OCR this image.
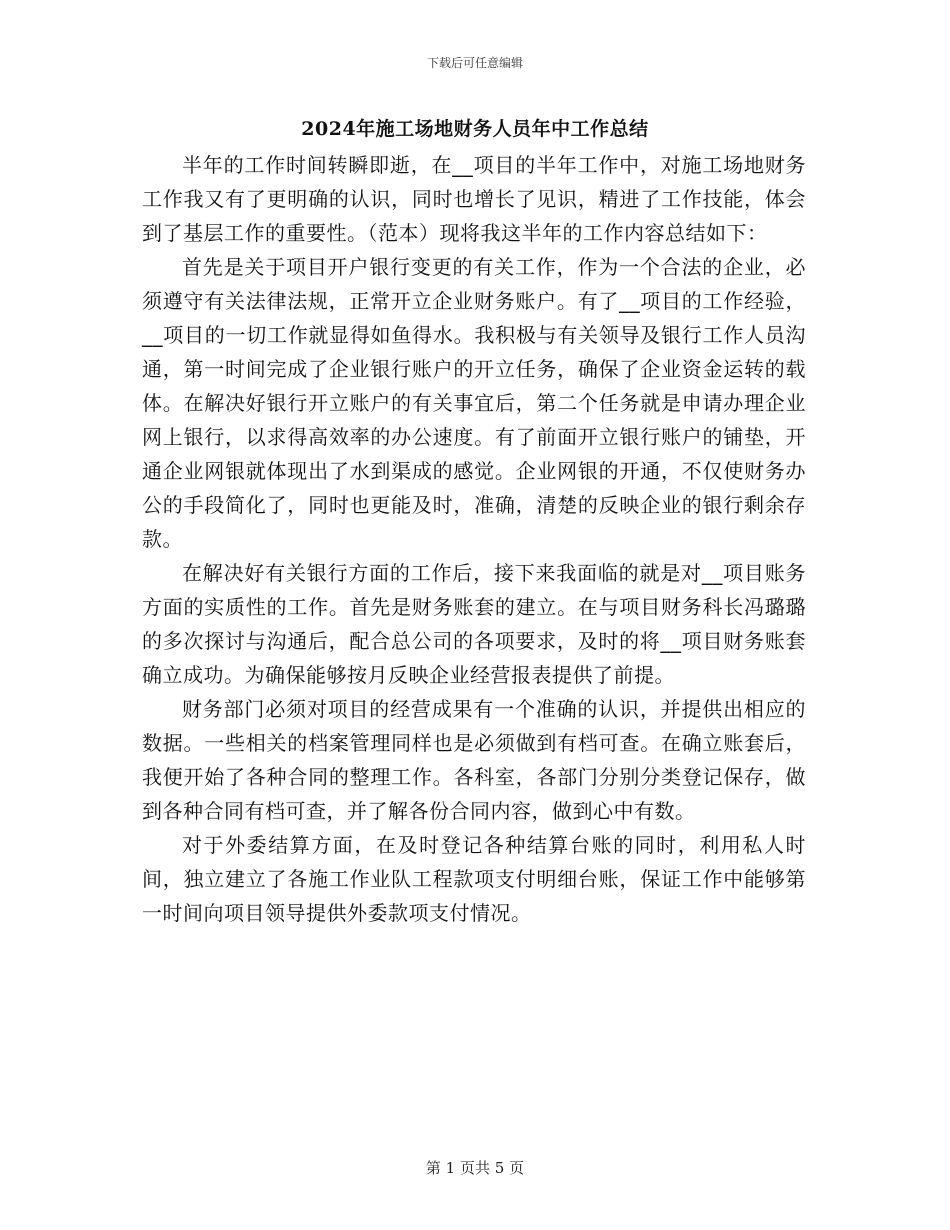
下载后可任意编辑
2024年施工场地财务人员年中工作总结

半年的工作时间转瞬即逝，在__项目的半年工作中，对施工场地财务工作我又有了更明确的认识，同时也增长了见识，精进了工作技能，体会到了基层工作的重要性。（范本）现将我这半年的工作内容总结如下：

首先是关于项目开户银行变更的有关工作，作为一个合法的企业，必须遵守有关法律法规，正常开立企业财务账户。有了__项目的工作经验，__项目的一切工作就显得如鱼得水。我积极与有关领导及银行工作人员沟通，第一时间完成了企业银行账户的开立任务，确保了企业资金运转的载体。在解决好银行开立账户的有关事宜后，第二个任务就是申请办理企业网上银行，以求得高效率的办公速度。有了前面开立银行账户的铺垫，开通企业网银就体现出了水到渠成的感觉。企业网银的开通，不仅使财务办公的手段简化了，同时也更能及时，准确，清楚的反映企业的银行剩余存款。

在解决好有关银行方面的工作后，接下来我面临的就是对__项目账务方面的实质性的工作。首先是财务账套的建立。在与项目财务科长冯璐璐的多次探讨与沟通后，配合总公司的各项要求，及时的将__项目财务账套确立成功。为确保能够按月反映企业经营报表提供了前提。

财务部门必须对项目的经营成果有一个准确的认识，并提供出相应的数据。一些相关的档案管理同样也是必须做到有档可查。在确立账套后，我便开始了各种合同的整理工作。各科室，各部门分别分类登记保存，做到各种合同有档可查，并了解各份合同内容，做到心中有数。

对于外委结算方面，在及时登记各种结算台账的同时，利用私人时间，独立建立了各施工作业队工程款项支付明细台账，保证工作中能够第一时间向项目领导提供外委款项支付情况。

第 1 页共 5 页
